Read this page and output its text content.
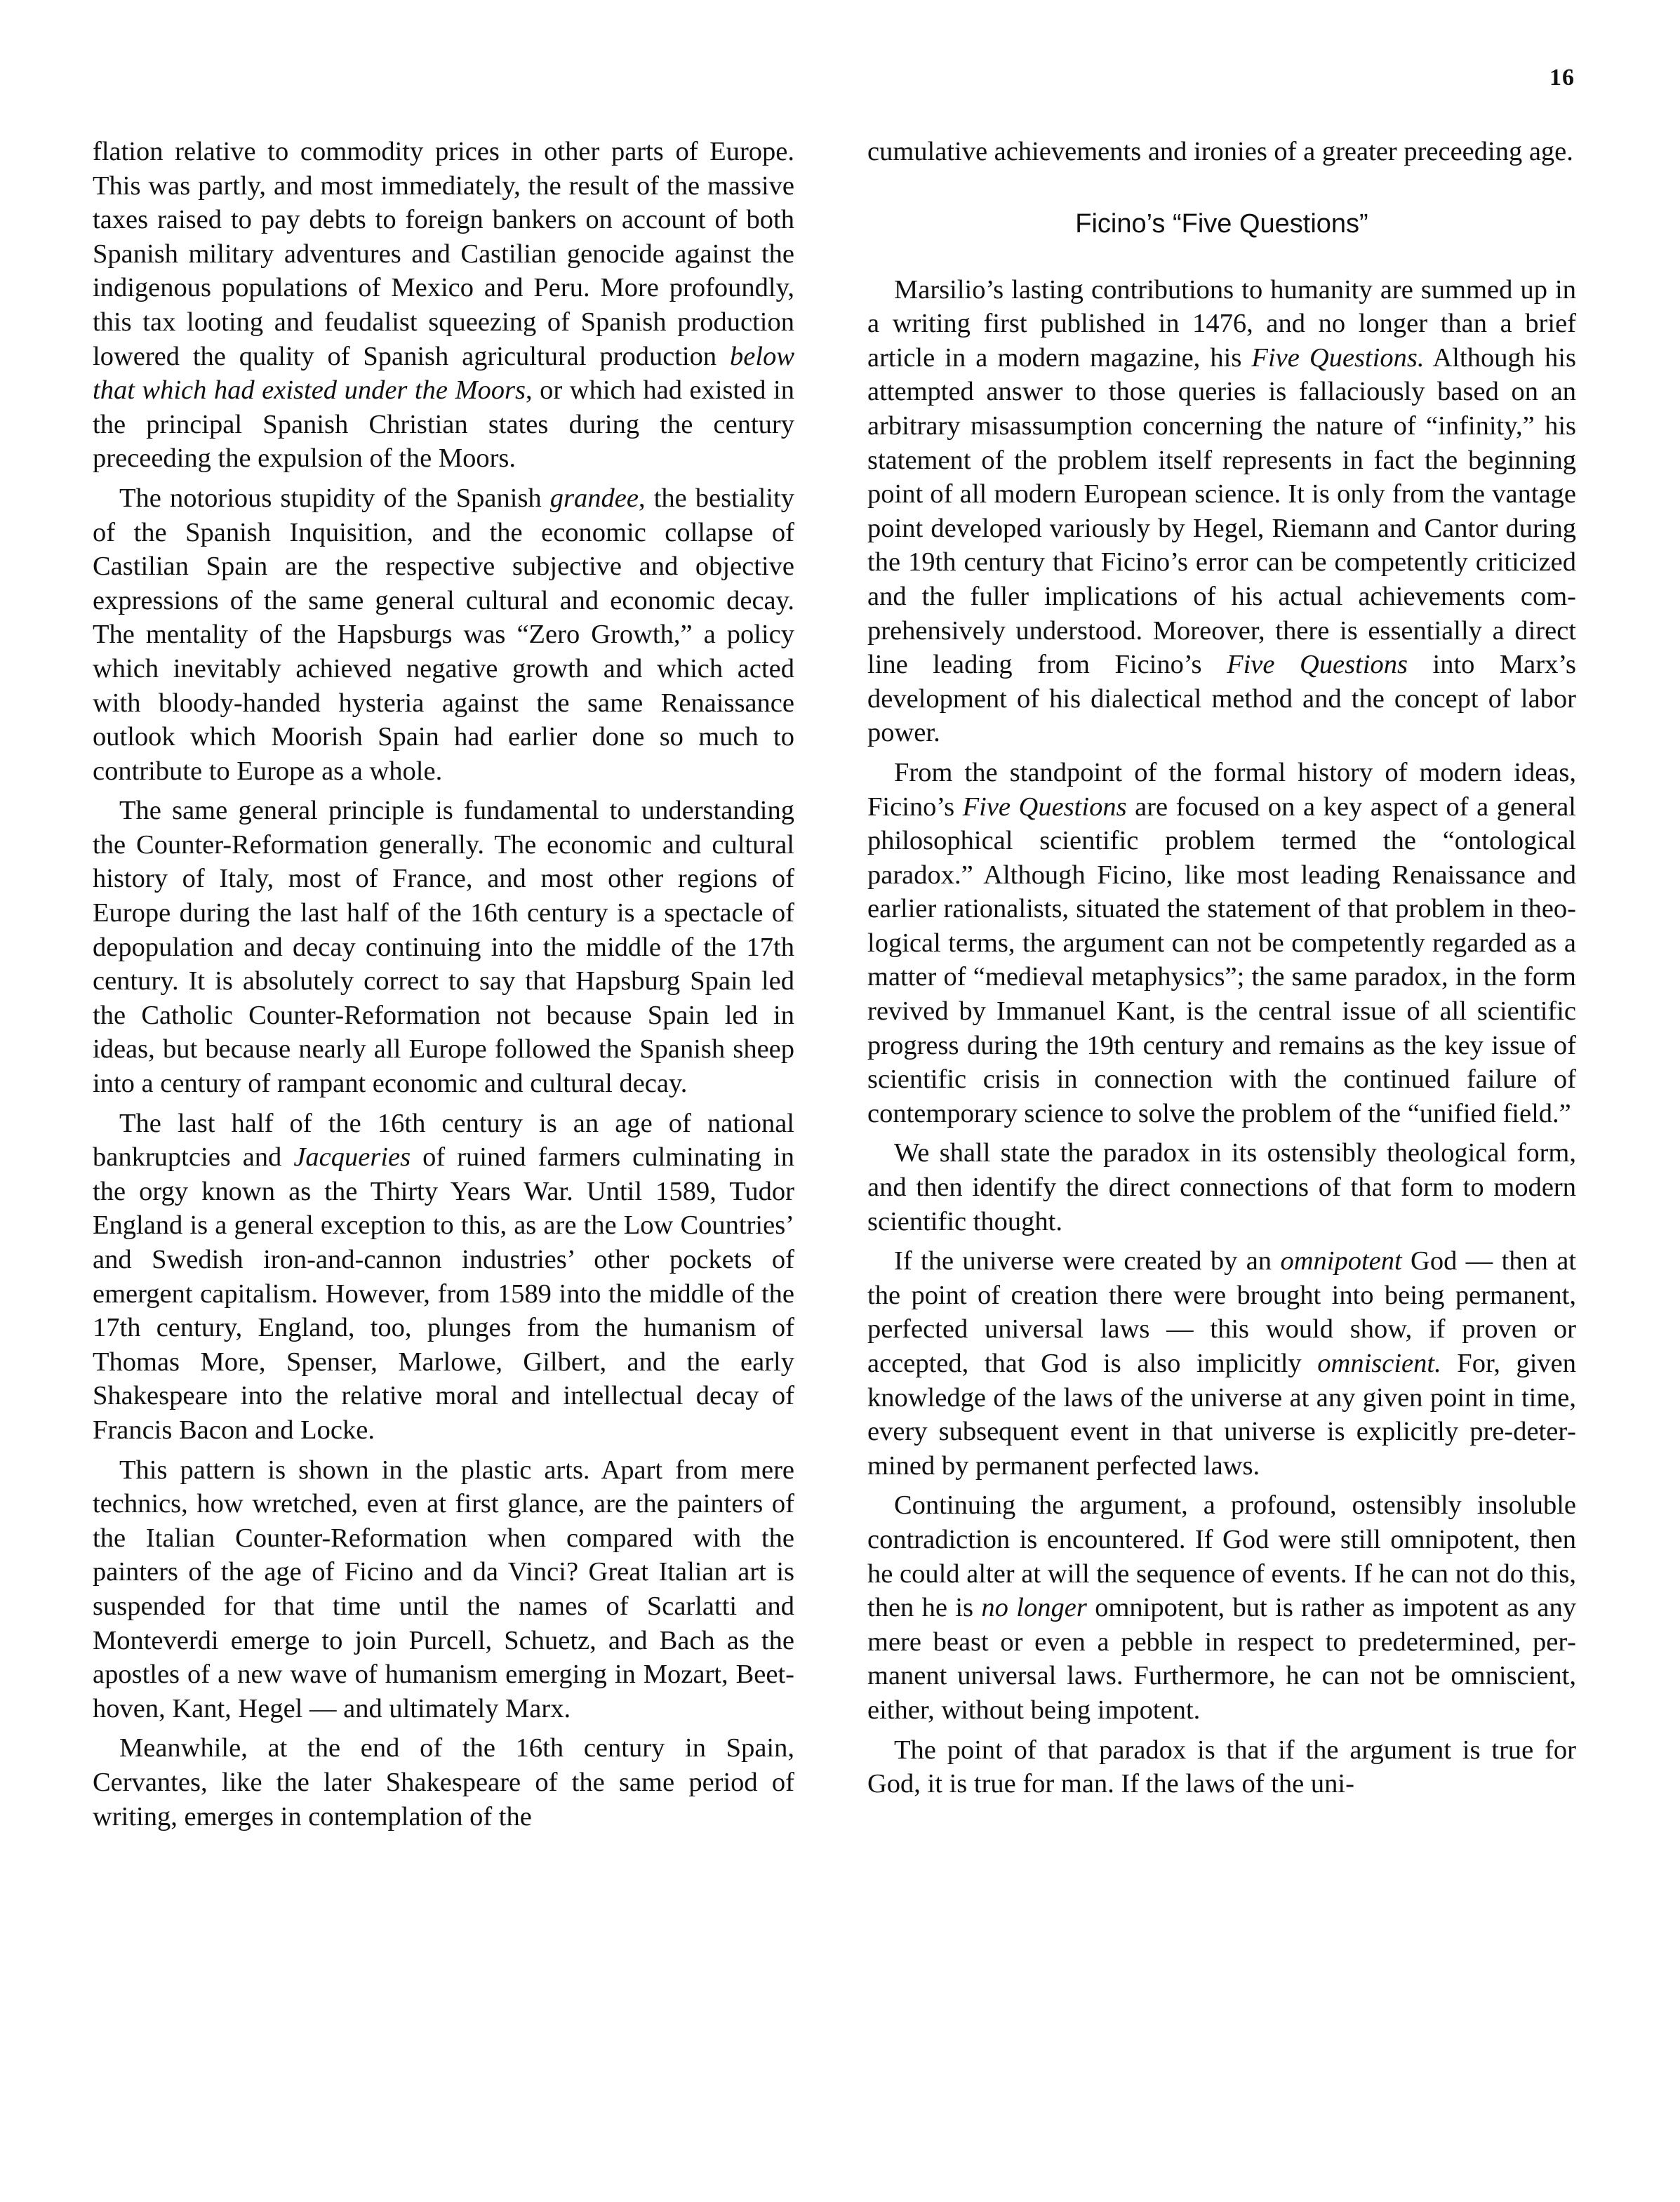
16

flation relative to commodity prices in other parts of Europe. This was partly, and most immediately, the result of the massive taxes raised to pay debts to foreign bankers on account of both Spanish military adventures and Castilian genocide against the indigenous populations of Mexico and Peru. More profoundly, this tax looting and feudalist squeezing of Spanish production lowered the quality of Spanish agricultural production below that which had existed under the Moors, or which had existed in the principal Spanish Christian states during the century preceeding the expulsion of the Moors.

The notorious stupidity of the Spanish grandee, the bestiality of the Spanish Inquisition, and the economic collapse of Castilian Spain are the respective subjective and objective expressions of the same general cultural and economic decay. The mentality of the Hapsburgs was “Zero Growth,” a policy which inevitably achieved negative growth and which acted with bloody-handed hysteria against the same Renaissance outlook which Moorish Spain had earlier done so much to contribute to Europe as a whole.

The same general principle is fundamental to understanding the Counter-Reformation generally. The economic and cultural history of Italy, most of France, and most other regions of Europe during the last half of the 16th century is a spectacle of depopulation and decay continuing into the middle of the 17th century. It is absolutely correct to say that Hapsburg Spain led the Catholic Counter-Reformation not because Spain led in ideas, but because nearly all Europe followed the Spanish sheep into a century of rampant economic and cultural decay.

The last half of the 16th century is an age of national bankruptcies and Jacqueries of ruined farmers culminating in the orgy known as the Thirty Years War. Until 1589, Tudor England is a general exception to this, as are the Low Countries’ and Swedish iron-and-cannon industries’ other pockets of emergent capitalism. However, from 1589 into the middle of the 17th century, England, too, plunges from the humanism of Thomas More, Spenser, Marlowe, Gilbert, and the early Shakespeare into the relative moral and intellectual decay of Francis Bacon and Locke.

This pattern is shown in the plastic arts. Apart from mere technics, how wretched, even at first glance, are the painters of the Italian Counter-Reformation when compared with the painters of the age of Ficino and da Vinci? Great Italian art is suspended for that time until the names of Scarlatti and Monteverdi emerge to join Purcell, Schuetz, and Bach as the apostles of a new wave of humanism emerging in Mozart, Beethoven, Kant, Hegel — and ultimately Marx.

Meanwhile, at the end of the 16th century in Spain, Cervantes, like the later Shakespeare of the same period of writing, emerges in contemplation of the

cumulative achievements and ironies of a greater preceeding age.

Ficino’s “Five Questions”

Marsilio’s lasting contributions to humanity are summed up in a writing first published in 1476, and no longer than a brief article in a modern magazine, his Five Questions. Although his attempted answer to those queries is fallaciously based on an arbitrary misassumption concerning the nature of “infinity,” his statement of the problem itself represents in fact the beginning point of all modern European science. It is only from the vantage point developed variously by Hegel, Riemann and Cantor during the 19th century that Ficino’s error can be competently criticized and the fuller implications of his actual achievements comprehensively understood. Moreover, there is essentially a direct line leading from Ficino’s Five Questions into Marx’s development of his dialectical method and the concept of labor power.

From the standpoint of the formal history of modern ideas, Ficino’s Five Questions are focused on a key aspect of a general philosophical scientific problem termed the “ontological paradox.” Although Ficino, like most leading Renaissance and earlier rationalists, situated the statement of that problem in theological terms, the argument can not be competently regarded as a matter of “medieval metaphysics”; the same paradox, in the form revived by Immanuel Kant, is the central issue of all scientific progress during the 19th century and remains as the key issue of scientific crisis in connection with the continued failure of contemporary science to solve the problem of the “unified field.”

We shall state the paradox in its ostensibly theological form, and then identify the direct connections of that form to modern scientific thought.

If the universe were created by an omnipotent God — then at the point of creation there were brought into being permanent, perfected universal laws — this would show, if proven or accepted, that God is also implicitly omniscient. For, given knowledge of the laws of the universe at any given point in time, every subsequent event in that universe is explicitly pre-determined by permanent perfected laws.

Continuing the argument, a profound, ostensibly insoluble contradiction is encountered. If God were still omnipotent, then he could alter at will the sequence of events. If he can not do this, then he is no longer omnipotent, but is rather as impotent as any mere beast or even a pebble in respect to predetermined, permanent universal laws. Furthermore, he can not be omniscient, either, without being impotent.

The point of that paradox is that if the argument is true for God, it is true for man. If the laws of the uni-
